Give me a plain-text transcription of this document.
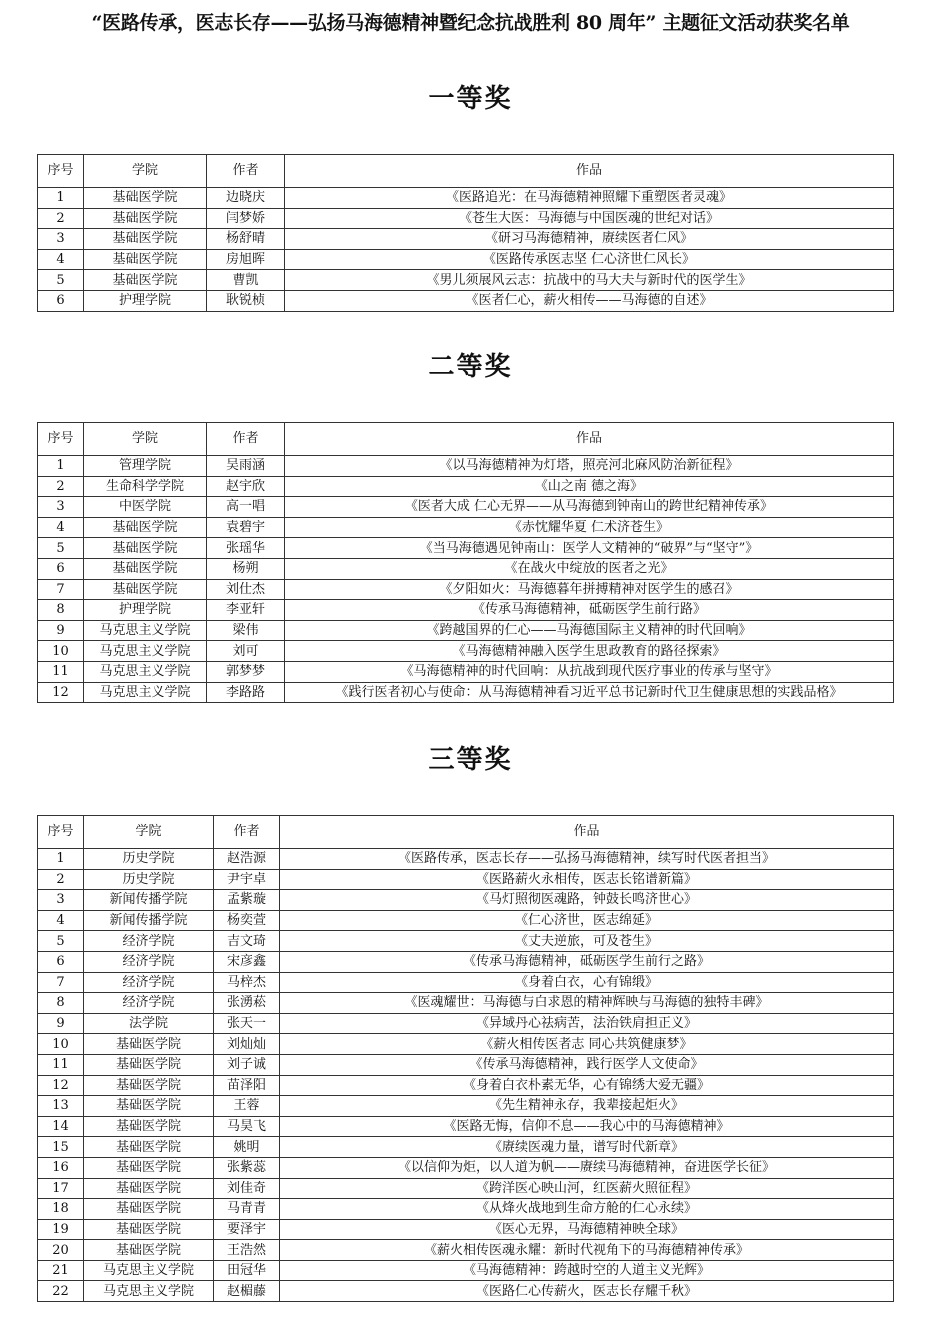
“医路传承，医志长存——弘扬马海德精神暨纪念抗战胜利 80 周年” 主题征文活动获奖名单
一等奖
二等奖
三等奖
序号	学院	作者	作品
1	基础医学院	边晓庆	《医路追光：在马海德精神照耀下重塑医者灵魂》
2	基础医学院	闫梦娇	《苍生大医：马海德与中国医魂的世纪对话》
3	基础医学院	杨舒晴	《研习马海德精神，赓续医者仁风》
4	基础医学院	房旭晖	《医路传承医志坚 仁心济世仁风长》
5	基础医学院	曹凯	《男儿须展风云志：抗战中的马大夫与新时代的医学生》
6	护理学院	耿锐桢	《医者仁心，薪火相传——马海德的自述》
序号	学院	作者	作品
1	管理学院	吴雨涵	《以马海德精神为灯塔，照亮河北麻风防治新征程》
2	生命科学学院	赵宇欣	《山之南 德之海》
3	中医学院	高一唱	《医者大成 仁心无界——从马海德到钟南山的跨世纪精神传承》
4	基础医学院	袁碧宇	《赤忱耀华夏 仁术济苍生》
5	基础医学院	张瑶华	《当马海德遇见钟南山：医学人文精神的“破界”与“坚守”》
6	基础医学院	杨朔	《在战火中绽放的医者之光》
7	基础医学院	刘仕杰	《夕阳如火：马海德暮年拼搏精神对医学生的感召》
8	护理学院	李亚轩	《传承马海德精神，砥砺医学生前行路》
9	马克思主义学院	梁伟	《跨越国界的仁心——马海德国际主义精神的时代回响》
10	马克思主义学院	刘可	《马海德精神融入医学生思政教育的路径探索》
11	马克思主义学院	郭梦梦	《马海德精神的时代回响：从抗战到现代医疗事业的传承与坚守》
12	马克思主义学院	李路路	《践行医者初心与使命：从马海德精神看习近平总书记新时代卫生健康思想的实践品格》
序号	学院	作者	作品
1	历史学院	赵浩源	《医路传承，医志长存——弘扬马海德精神，续写时代医者担当》
2	历史学院	尹宇卓	《医路薪火永相传，医志长铭谱新篇》
3	新闻传播学院	孟紫璇	《马灯照彻医魂路，钟鼓长鸣济世心》
4	新闻传播学院	杨奕萱	《仁心济世，医志绵延》
5	经济学院	吉文琦	《丈夫逆旅，可及苍生》
6	经济学院	宋彦鑫	《传承马海德精神，砥砺医学生前行之路》
7	经济学院	马梓杰	《身着白衣，心有锦缎》
8	经济学院	张湧菘	《医魂耀世：马海德与白求恩的精神辉映与马海德的独特丰碑》
9	法学院	张天一	《异域丹心祛病苦，法治铁肩担正义》
10	基础医学院	刘灿灿	《薪火相传医者志 同心共筑健康梦》
11	基础医学院	刘子诚	《传承马海德精神，践行医学人文使命》
12	基础医学院	苗泽阳	《身着白衣朴素无华，心有锦绣大爱无疆》
13	基础医学院	王蓉	《先生精神永存，我辈接起炬火》
14	基础医学院	马昊飞	《医路无悔，信仰不息——我心中的马海德精神》
15	基础医学院	姚明	《赓续医魂力量，谱写时代新章》
16	基础医学院	张紫蕊	《以信仰为炬，以人道为帆——赓续马海德精神，奋进医学长征》
17	基础医学院	刘佳奇	《跨洋医心映山河，红医薪火照征程》
18	基础医学院	马青青	《从烽火战地到生命方舱的仁心永续》
19	基础医学院	要泽宇	《医心无界，马海德精神映全球》
20	基础医学院	王浩然	《薪火相传医魂永耀：新时代视角下的马海德精神传承》
21	马克思主义学院	田冠华	《马海德精神：跨越时空的人道主义光辉》
22	马克思主义学院	赵楣藤	《医路仁心传薪火，医志长存耀千秋》
